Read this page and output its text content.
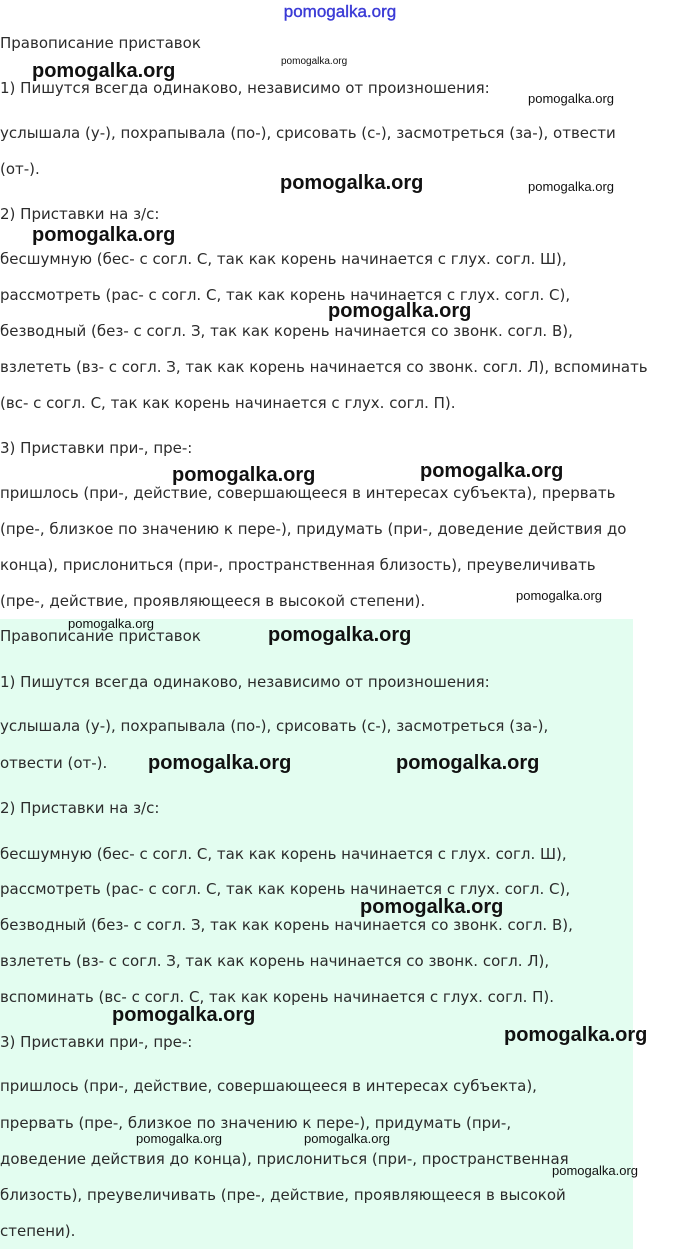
pomogalka.org
Правописание приставок
1) Пишутся всегда одинаково, независимо от произношения:
услышала (у-), похрапывала (по-), срисовать (с-), засмотреться (за-), отвести
(от-).
2) Приставки на з/с:
бесшумную (бес- с согл. С, так как корень начинается с глух. согл. Ш),
рассмотреть (рас- с согл. С, так как корень начинается с глух. согл. С),
безводный (без- с согл. З, так как корень начинается со звонк. согл. В),
взлететь (вз- с согл. З, так как корень начинается со звонк. согл. Л), вспоминать
(вс- с согл. С, так как корень начинается с глух. согл. П).
3) Приставки при-, пре-:
пришлось (при-, действие, совершающееся в интересах субъекта), прервать
(пре-, близкое по значению к пере-), придумать (при-, доведение действия до
конца), прислониться (при-, пространственная близость), преувеличивать
(пре-, действие, проявляющееся в высокой степени).
Правописание приставок
1) Пишутся всегда одинаково, независимо от произношения:
услышала (у-), похрапывала (по-), срисовать (с-), засмотреться (за-),
отвести (от-).
2) Приставки на з/с:
бесшумную (бес- с согл. С, так как корень начинается с глух. согл. Ш),
рассмотреть (рас- с согл. С, так как корень начинается с глух. согл. С),
безводный (без- с согл. З, так как корень начинается со звонк. согл. В),
взлететь (вз- с согл. З, так как корень начинается со звонк. согл. Л),
вспоминать (вс- с согл. С, так как корень начинается с глух. согл. П).
3) Приставки при-, пре-:
пришлось (при-, действие, совершающееся в интересах субъекта),
прервать (пре-, близкое по значению к пере-), придумать (при-,
доведение действия до конца), прислониться (при-, пространственная
близость), преувеличивать (пре-, действие, проявляющееся в высокой
степени).
pomogalka.org
pomogalka.org
pomogalka.org
pomogalka.org	pomogalka.org
pomogalka.org
pomogalka.org
pomogalka.org
pomogalka.org
pomogalka.org
pomogalka.org
pomogalka.org
pomogalka.org	pomogalka.org
pomogalka.org
pomogalka.org
pomogalka.org
pomogalka.org	pomogalka.org
pomogalka.org
